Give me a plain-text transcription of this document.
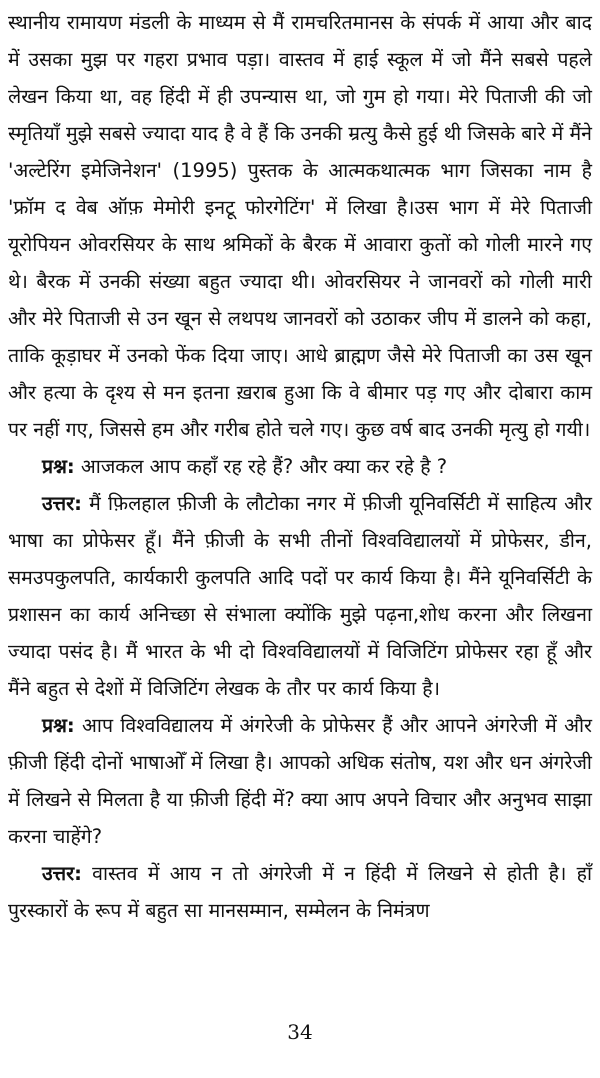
स्थानीय रामायण मंडली के माध्यम से मैं रामचरितमानस के संपर्क में आया और बाद में उसका मुझ पर गहरा प्रभाव पड़ा। वास्तव में हाई स्कूल में जो मैंने सबसे पहले लेखन किया था, वह हिंदी में ही उपन्यास था, जो गुम हो गया। मेरे पिताजी की जो स्मृतियाँ मुझे सबसे ज्यादा याद है वे हैं कि उनकी म्रत्यु कैसे हुई थी जिसके बारे में मैंने 'अल्टेरिंग इमेजिनेशन' (1995) पुस्तक के आत्मकथात्मक भाग जिसका नाम है 'फ्रॉम द वेब ऑफ़ मेमोरी इनटू फोरगेटिंग' में लिखा है।उस भाग में मेरे पिताजी यूरोपियन ओवरसियर के साथ श्रमिकों के बैरक में आवारा कुतों को गोली मारने गए थे। बैरक में उनकी संख्या बहुत ज्यादा थी। ओवरसियर ने जानवरों को गोली मारी और मेरे पिताजी से उन खून से लथपथ जानवरों को उठाकर जीप में डालने को कहा, ताकि कूड़ाघर में उनको फेंक दिया जाए। आधे ब्राह्मण जैसे मेरे पिताजी का उस खून और हत्या के दृश्य से मन इतना ख़राब हुआ कि वे बीमार पड़ गए और दोबारा काम पर नहीं गए, जिससे हम और गरीब होते चले गए। कुछ वर्ष बाद उनकी मृत्यु हो गयी।

प्रश्न: आजकल आप कहाँ रह रहे हैं? और क्या कर रहे है ?

उत्तर: मैं फ़िलहाल फ़ीजी के लौटोका नगर में फ़ीजी यूनिवर्सिटी में साहित्य और भाषा का प्रोफेसर हूँ। मैंने फ़ीजी के सभी तीनों विश्वविद्यालयों में प्रोफेसर, डीन, समउपकुलपति, कार्यकारी कुलपति आदि पदों पर कार्य किया है। मैंने यूनिवर्सिटी के प्रशासन का कार्य अनिच्छा से संभाला क्योंकि मुझे पढ़ना,शोध करना और लिखना ज्यादा पसंद है। मैं भारत के भी दो विश्वविद्यालयों में विजिटिंग प्रोफेसर रहा हूँ और मैंने बहुत से देशों में विजिटिंग लेखक के तौर पर कार्य किया है।

प्रश्न: आप विश्वविद्यालय में अंगरेजी के प्रोफेसर हैं और आपने अंगरेजी में और फ़ीजी हिंदी दोनों भाषाओँ में लिखा है। आपको अधिक संतोष, यश और धन अंगरेजी में लिखने से मिलता है या फ़ीजी हिंदी में? क्या आप अपने विचार और अनुभव साझा करना चाहेंगे?

उत्तर: वास्तव में आय न तो अंगरेजी में न हिंदी में लिखने से होती है। हाँ पुरस्कारों के रूप में बहुत सा मानसम्मान, सम्मेलन के निमंत्रण

34
